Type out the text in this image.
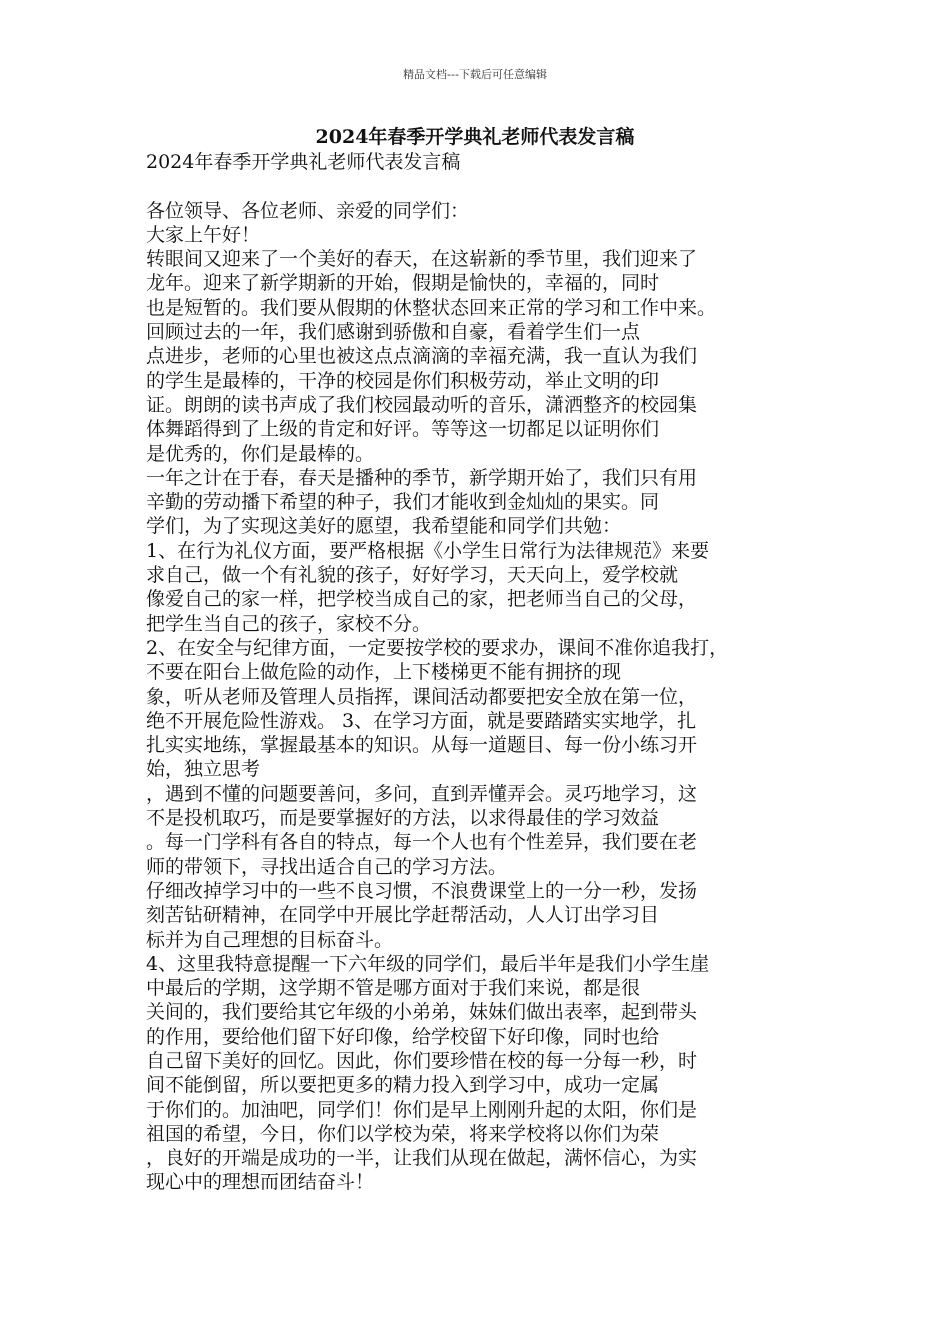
精品文档---下载后可任意编辑
2024年春季开学典礼老师代表发言稿
2024年春季开学典礼老师代表发言稿
各位领导、各位老师、亲爱的同学们：
大家上午好！
转眼间又迎来了一个美好的春天，在这崭新的季节里，我们迎来了
龙年。迎来了新学期新的开始，假期是愉快的，幸福的，同时
也是短暂的。我们要从假期的休整状态回来正常的学习和工作中来。
回顾过去的一年，我们感谢到骄傲和自豪，看着学生们一点
点进步，老师的心里也被这点点滴滴的幸福充满，我一直认为我们
的学生是最棒的，干净的校园是你们积极劳动，举止文明的印
证。朗朗的读书声成了我们校园最动听的音乐，潇洒整齐的校园集
体舞蹈得到了上级的肯定和好评。等等这一切都足以证明你们
是优秀的，你们是最棒的。
一年之计在于春，春天是播种的季节，新学期开始了，我们只有用
辛勤的劳动播下希望的种子，我们才能收到金灿灿的果实。同
学们，为了实现这美好的愿望，我希望能和同学们共勉：
1、在行为礼仪方面，要严格根据《小学生日常行为法律规范》来要
求自己，做一个有礼貌的孩子，好好学习，天天向上，爱学校就
像爱自己的家一样，把学校当成自己的家，把老师当自己的父母，
把学生当自己的孩子，家校不分。
2、在安全与纪律方面，一定要按学校的要求办，课间不准你追我打，
不要在阳台上做危险的动作，上下楼梯更不能有拥挤的现
象，听从老师及管理人员指挥，课间活动都要把安全放在第一位，
绝不开展危险性游戏。 3、在学习方面，就是要踏踏实实地学，扎
扎实实地练，掌握最基本的知识。从每一道题目、每一份小练习开
始，独立思考
，遇到不懂的问题要善问，多问，直到弄懂弄会。灵巧地学习，这
不是投机取巧，而是要掌握好的方法，以求得最佳的学习效益
。每一门学科有各自的特点，每一个人也有个性差异，我们要在老
师的带领下，寻找出适合自己的学习方法。
仔细改掉学习中的一些不良习惯，不浪费课堂上的一分一秒，发扬
刻苦钻研精神，在同学中开展比学赶帮活动，人人订出学习目
标并为自己理想的目标奋斗。
4、这里我特意提醒一下六年级的同学们，最后半年是我们小学生崖
中最后的学期，这学期不管是哪方面对于我们来说，都是很
关间的，我们要给其它年级的小弟弟，妹妹们做出表率，起到带头
的作用，要给他们留下好印像，给学校留下好印像，同时也给
自己留下美好的回忆。因此，你们要珍惜在校的每一分每一秒，时
间不能倒留，所以要把更多的精力投入到学习中，成功一定属
于你们的。加油吧，同学们！你们是早上刚刚升起的太阳，你们是
祖国的希望，今日，你们以学校为荣，将来学校将以你们为荣
，良好的开端是成功的一半，让我们从现在做起，满怀信心，为实
现心中的理想而团结奋斗！
